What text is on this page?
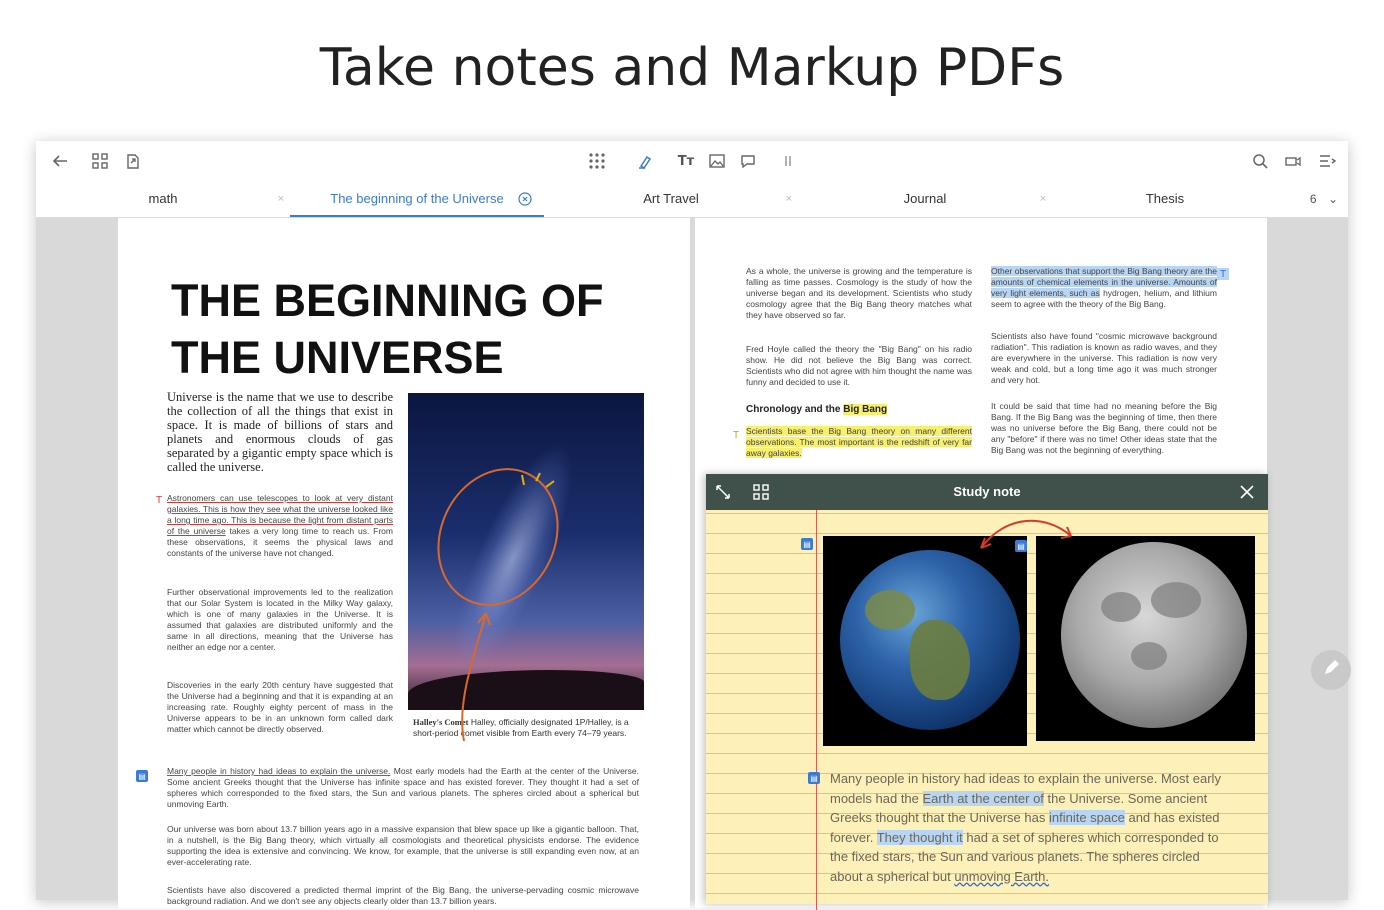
Take notes and Markup PDFs
Tт
math	×	The beginning of the Universe	Art Travel	×	Journal	×	Thesis	6 ⌄
THE BEGINNING OF
THE UNIVERSE
Universe is the name that we use to describe the collection of all the things that exist in space. It is made of billions of stars and planets and enormous clouds of gas separated by a gigantic empty space which is called the universe.
T Astronomers can use telescopes to look at very distant galaxies. This is how they see what the universe looked like a long time ago. This is because the light from distant parts of the universe takes a very long time to reach us. From these observations, it seems the physical laws and constants of the universe have not changed.
Further observational improvements led to the realization that our Solar System is located in the Milky Way galaxy, which is one of many galaxies in the Universe. It is assumed that galaxies are distributed uniformly and the same in all directions, meaning that the Universe has neither an edge nor a center.
Discoveries in the early 20th century have suggested that the Universe had a beginning and that it is expanding at an increasing rate. Roughly eighty percent of mass in the Universe appears to be in an unknown form called dark matter which cannot be directly observed.
Halley's Comet Halley, officially designated 1P/Halley, is a short-period comet visible from Earth every 74–79 years.
▤ Many people in history had ideas to explain the universe. Most early models had the Earth at the center of the Universe. Some ancient Greeks thought that the Universe has infinite space and has existed forever. They thought it had a set of spheres which corresponded to the fixed stars, the Sun and various planets. The spheres circled about a spherical but unmoving Earth.
Our universe was born about 13.7 billion years ago in a massive expansion that blew space up like a gigantic balloon. That, in a nutshell, is the Big Bang theory, which virtually all cosmologists and theoretical physicists endorse. The evidence supporting the idea is extensive and convincing. We know, for example, that the universe is still expanding even now, at an ever-accelerating rate.
Scientists have also discovered a predicted thermal imprint of the Big Bang, the universe-pervading cosmic microwave background radiation. And we don't see any objects clearly older than 13.7 billion years.
As a whole, the universe is growing and the temperature is falling as time passes. Cosmology is the study of how the universe began and its development. Scientists who study cosmology agree that the Big Bang theory matches what they have observed so far.
Fred Hoyle called the theory the "Big Bang" on his radio show. He did not believe the Big Bang was correct. Scientists who did not agree with him thought the name was funny and decided to use it.
Chronology and the Big Bang
T Scientists base the Big Bang theory on many different observations. The most important is the redshift of very far away galaxies.
Other observations that support the Big Bang theory are the amounts of chemical elements in the universe. Amounts of very light elements, such as hydrogen, helium, and lithium seem to agree with the theory of the Big Bang.
T
Scientists also have found "cosmic microwave background radiation". This radiation is known as radio waves, and they are everywhere in the universe. This radiation is now very weak and cold, but a long time ago it was much stronger and very hot.
It could be said that time had no meaning before the Big Bang. If the Big Bang was the beginning of time, then there was no universe before the Big Bang, there could not be any "before" if there was no time! Other ideas state that the Big Bang was not the beginning of everything.
Study note
▤	▤
▤ Many people in history had ideas to explain the universe. Most early models had the Earth at the center of the Universe. Some ancient Greeks thought that the Universe has infinite space and has existed forever. They thought it had a set of spheres which corresponded to the fixed stars, the Sun and various planets. The spheres circled about a spherical but unmoving Earth.
